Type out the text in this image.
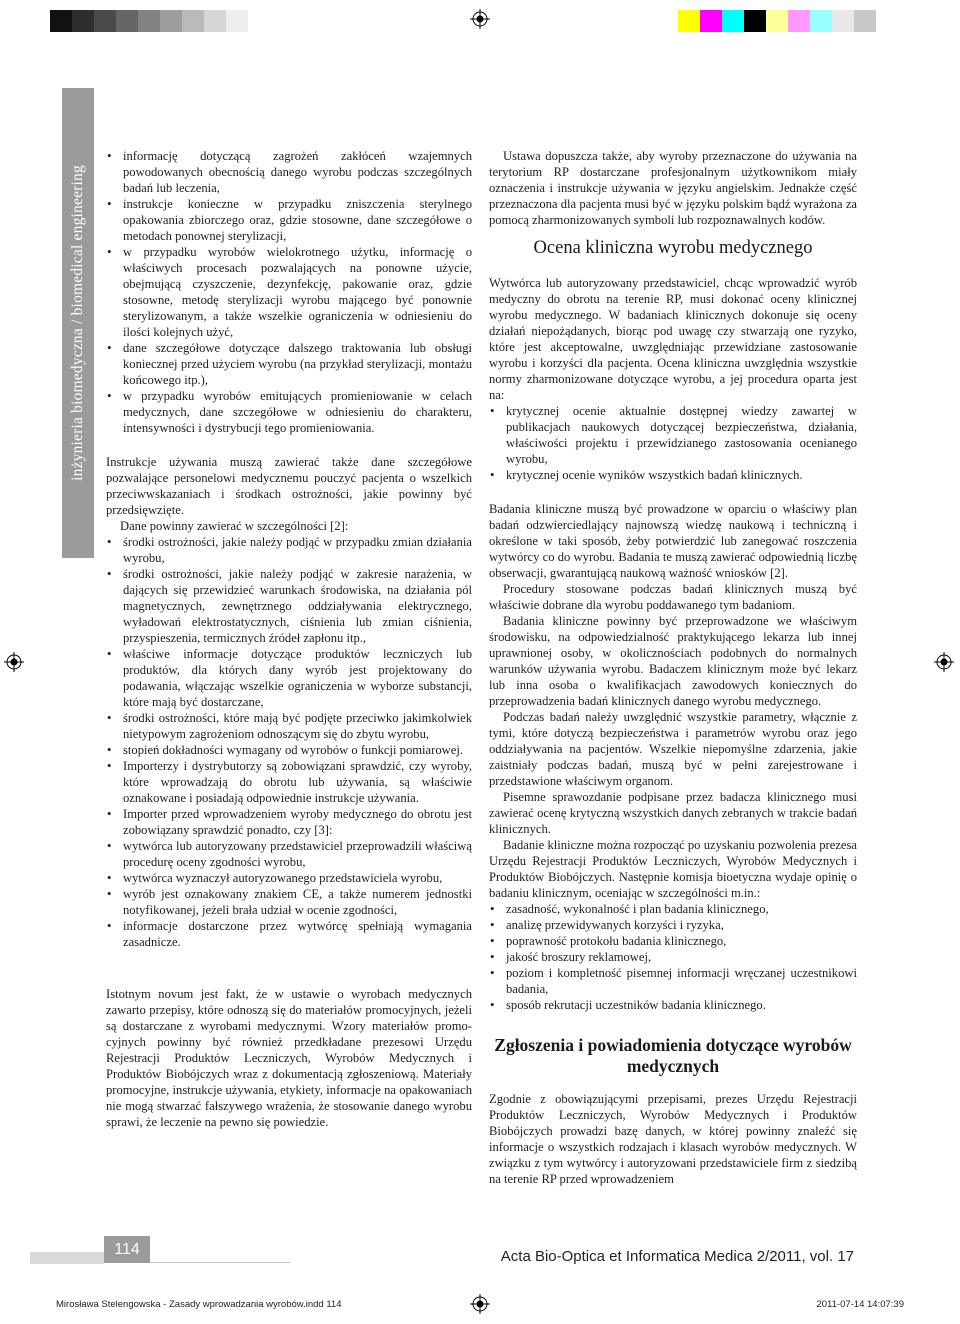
inżynieria biomedyczna / biomedical engineering
• informację dotyczącą zagrożeń zakłóceń wzajemnych powodowanych obecnością danego wyrobu podczas szczególnych badań lub leczenia,
• instrukcje konieczne w przypadku zniszczenia sterylnego opakowania zbiorczego oraz, gdzie stosowne, dane szczegółowe o metodach ponownej sterylizacji,
• w przypadku wyrobów wielokrotnego użytku, informację o właściwych procesach pozwalających na ponowne użycie, obejmującą czyszczenie, dezynfekcję, pakowanie oraz, gdzie stosowne, metodę sterylizacji wyrobu mającego być ponownie sterylizowanym, a także wszelkie ograniczenia w odniesieniu do ilości kolejnych użyć,
• dane szczegółowe dotyczące dalszego traktowania lub obsługi koniecznej przed użyciem wyrobu (na przykład sterylizacji, montażu końcowego itp.),
• w przypadku wyrobów emitujących promieniowanie w celach medycznych, dane szczegółowe w odniesieniu do charakteru, intensywności i dystrybucji tego promieniowania.

Instrukcje używania muszą zawierać także dane szczegółowe pozwalające personelowi medycznemu pouczyć pacjenta o wszelkich przeciwwskazaniach i środkach ostrożności, jakie powinny być przedsięwzięte.

Dane powinny zawierać w szczególności [2]:

• środki ostrożności, jakie należy podjąć w przypadku zmian działania wyrobu,
• środki ostrożności, jakie należy podjąć w zakresie narażenia, w dających się przewidzieć warunkach środowiska, na działania pól magnetycznych, zewnętrznego oddziaływania elektrycznego, wyładowań elektrostatycznych, ciśnienia lub zmian ciśnienia, przyspieszenia, termicznych źródeł zapłonu itp.,
• właściwe informacje dotyczące produktów leczniczych lub produktów, dla których dany wyrób jest projektowany do podawania, włączając wszelkie ograniczenia w wyborze substancji, które mają być dostarczane,
• środki ostrożności, które mają być podjęte przeciwko jakimkolwiek nietypowym zagrożeniom odnoszącym się do zbytu wyrobu,
• stopień dokładności wymagany od wyrobów o funkcji pomiarowej.
• Importerzy i dystrybutorzy są zobowiązani sprawdzić, czy wyroby, które wprowadzają do obrotu lub używania, są właściwie oznakowane i posiadają odpowiednie instrukcje używania.
• Importer przed wprowadzeniem wyroby medycznego do obrotu jest zobowiązany sprawdzić ponadto, czy [3]:
• wytwórca lub autoryzowany przedstawiciel przeprowadzili właściwą procedurę oceny zgodności wyrobu,
• wytwórca wyznaczył autoryzowanego przedstawiciela wyrobu,
• wyrób jest oznakowany znakiem CE, a także numerem jednostki notyfikowanej, jeżeli brała udział w ocenie zgodności,
• informacje dostarczone przez wytwórcę spełniają wymagania zasadnicze.

Istotnym novum jest fakt, że w ustawie o wyrobach medycznych zawarto przepisy, które odnoszą się do materiałów promocyjnych, jeżeli są dostarczane z wyrobami medycznymi. Wzory materiałów promo-cyjnych powinny być również przedkładane prezesowi Urzędu Rejestracji Produktów Leczniczych, Wyrobów Medycznych i Produktów Biobójczych wraz z dokumentacją zgłoszeniową. Materiały promocyjne, instrukcje używania, etykiety, informacje na opakowaniach nie mogą stwarzać fałszywego wrażenia, że stosowanie danego wyrobu sprawi, że leczenie na pewno się powiedzie.

Ustawa dopuszcza także, aby wyroby przeznaczone do używania na terytorium RP dostarczane profesjonalnym użytkownikom miały oznaczenia i instrukcje używania w języku angielskim. Jednakże część przeznaczona dla pacjenta musi być w języku polskim bądź wyrażona za pomocą zharmonizowanych symboli lub rozpoznawalnych kodów.

Ocena kliniczna wyrobu medycznego

Wytwórca lub autoryzowany przedstawiciel, chcąc wprowadzić wyrób medyczny do obrotu na terenie RP, musi dokonać oceny klinicznej wyrobu medycznego. W badaniach klinicznych dokonuje się oceny działań niepożądanych, biorąc pod uwagę czy stwarzają one ryzyko, które jest akceptowalne, uwzględniając przewidziane zastosowanie wyrobu i korzyści dla pacjenta. Ocena kliniczna uwzględnia wszystkie normy zharmonizowane dotyczące wyrobu, a jej procedura oparta jest na:

• krytycznej ocenie aktualnie dostępnej wiedzy zawartej w publikacjach naukowych dotyczącej bezpieczeństwa, działania, właściwości projektu i przewidzianego zastosowania ocenianego wyrobu,
• krytycznej ocenie wyników wszystkich badań klinicznych.

Badania kliniczne muszą być prowadzone w oparciu o właściwy plan badań odzwierciedlający najnowszą wiedzę naukową i techniczną i określone w taki sposób, żeby potwierdzić lub zanegować roszczenia wytwórcy co do wyrobu. Badania te muszą zawierać odpowiednią liczbę obserwacji, gwarantującą naukową ważność wniosków [2].

Procedury stosowane podczas badań klinicznych muszą być właściwie dobrane dla wyrobu poddawanego tym badaniom.

Badania kliniczne powinny być przeprowadzone we właściwym środowisku, na odpowiedzialność praktykującego lekarza lub innej uprawnionej osoby, w okolicznościach podobnych do normalnych warunków używania wyrobu. Badaczem klinicznym może być lekarz lub inna osoba o kwalifikacjach zawodowych koniecznych do przeprowadzenia badań klinicznych danego wyrobu medycznego.

Podczas badań należy uwzględnić wszystkie parametry, włącznie z tymi, które dotyczą bezpieczeństwa i parametrów wyrobu oraz jego oddziaływania na pacjentów. Wszelkie niepomyślne zdarzenia, jakie zaistniały podczas badań, muszą być w pełni zarejestrowane i przedstawione właściwym organom.

Pisemne sprawozdanie podpisane przez badacza klinicznego musi zawierać ocenę krytyczną wszystkich danych zebranych w trakcie badań klinicznych.

Badanie kliniczne można rozpocząć po uzyskaniu pozwolenia prezesa Urzędu Rejestracji Produktów Leczniczych, Wyrobów Medycznych i Produktów Biobójczych. Następnie komisja bioetyczna wydaje opinię o badaniu klinicznym, oceniając w szczególności m.in.:

• zasadność, wykonalność i plan badania klinicznego,
• analizę przewidywanych korzyści i ryzyka,
• poprawność protokołu badania klinicznego,
• jakość broszury reklamowej,
• poziom i kompletność pisemnej informacji wręczanej uczestnikowi badania,
• sposób rekrutacji uczestników badania klinicznego.
Zgłoszenia i powiadomienia dotyczące wyrobów medycznych

Zgodnie z obowiązującymi przepisami, prezes Urzędu Rejestracji Produktów Leczniczych, Wyrobów Medycznych i Produktów Biobójczych prowadzi bazę danych, w której powinny znaleźć się informacje o wszystkich rodzajach i klasach wyrobów medycznych. W związku z tym wytwórcy i autoryzowani przedstawiciele firm z siedzibą na terenie RP przed wprowadzeniem

114	Acta Bio-Optica et Informatica Medica 2/2011, vol. 17
Mirosława Stelengowska - Zasady wprowadzania wyrobów.indd 114	2011-07-14 14:07:39
